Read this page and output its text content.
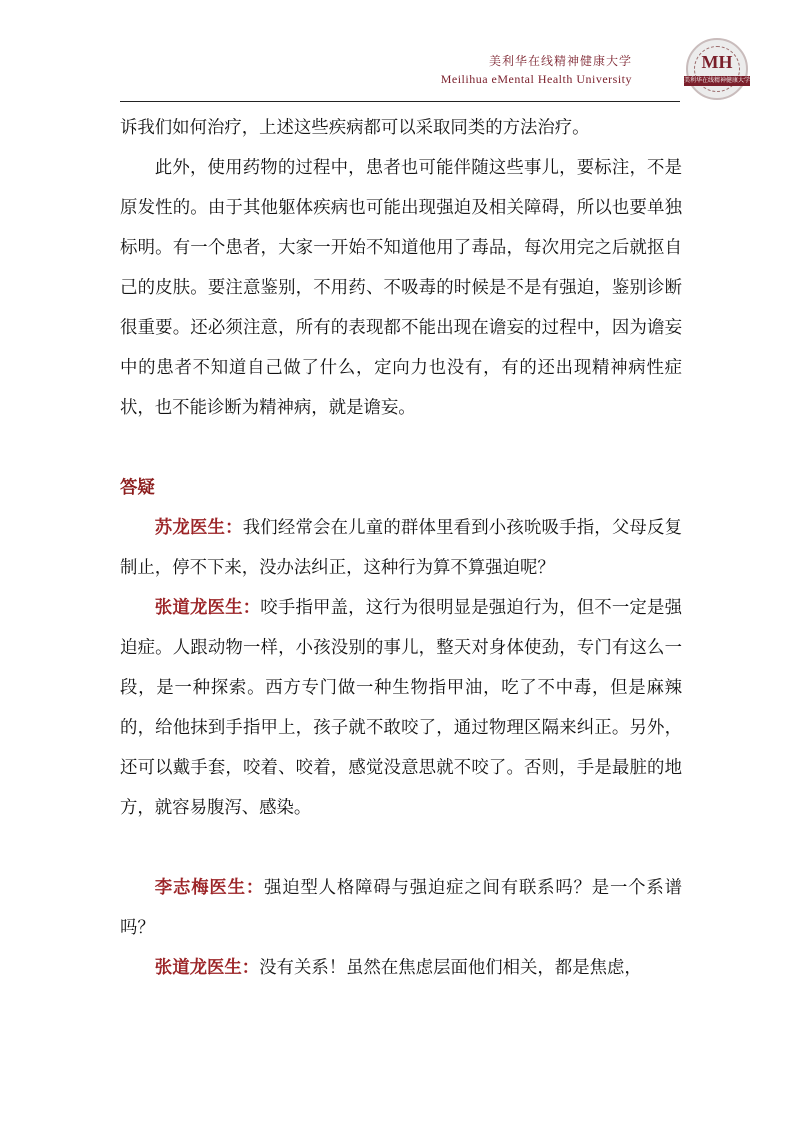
美利华在线精神健康大学
Meilihua eMental Health University
MH
美利华在线精神健康大学

诉我们如何治疗，上述这些疾病都可以采取同类的方法治疗。

此外，使用药物的过程中，患者也可能伴随这些事儿，要标注，不是原发性的。由于其他躯体疾病也可能出现强迫及相关障碍，所以也要单独标明。有一个患者，大家一开始不知道他用了毒品，每次用完之后就抠自己的皮肤。要注意鉴别，不用药、不吸毒的时候是不是有强迫，鉴别诊断很重要。还必须注意，所有的表现都不能出现在谵妄的过程中，因为谵妄中的患者不知道自己做了什么，定向力也没有，有的还出现精神病性症状，也不能诊断为精神病，就是谵妄。

答疑

苏龙医生：我们经常会在儿童的群体里看到小孩吮吸手指，父母反复制止，停不下来，没办法纠正，这种行为算不算强迫呢？

张道龙医生：咬手指甲盖，这行为很明显是强迫行为，但不一定是强迫症。人跟动物一样，小孩没别的事儿，整天对身体使劲，专门有这么一段，是一种探索。西方专门做一种生物指甲油，吃了不中毒，但是麻辣的，给他抹到手指甲上，孩子就不敢咬了，通过物理区隔来纠正。另外，还可以戴手套，咬着、咬着，感觉没意思就不咬了。否则，手是最脏的地方，就容易腹泻、感染。

李志梅医生：强迫型人格障碍与强迫症之间有联系吗？是一个系谱吗？

张道龙医生：没有关系！虽然在焦虑层面他们相关，都是焦虑，
